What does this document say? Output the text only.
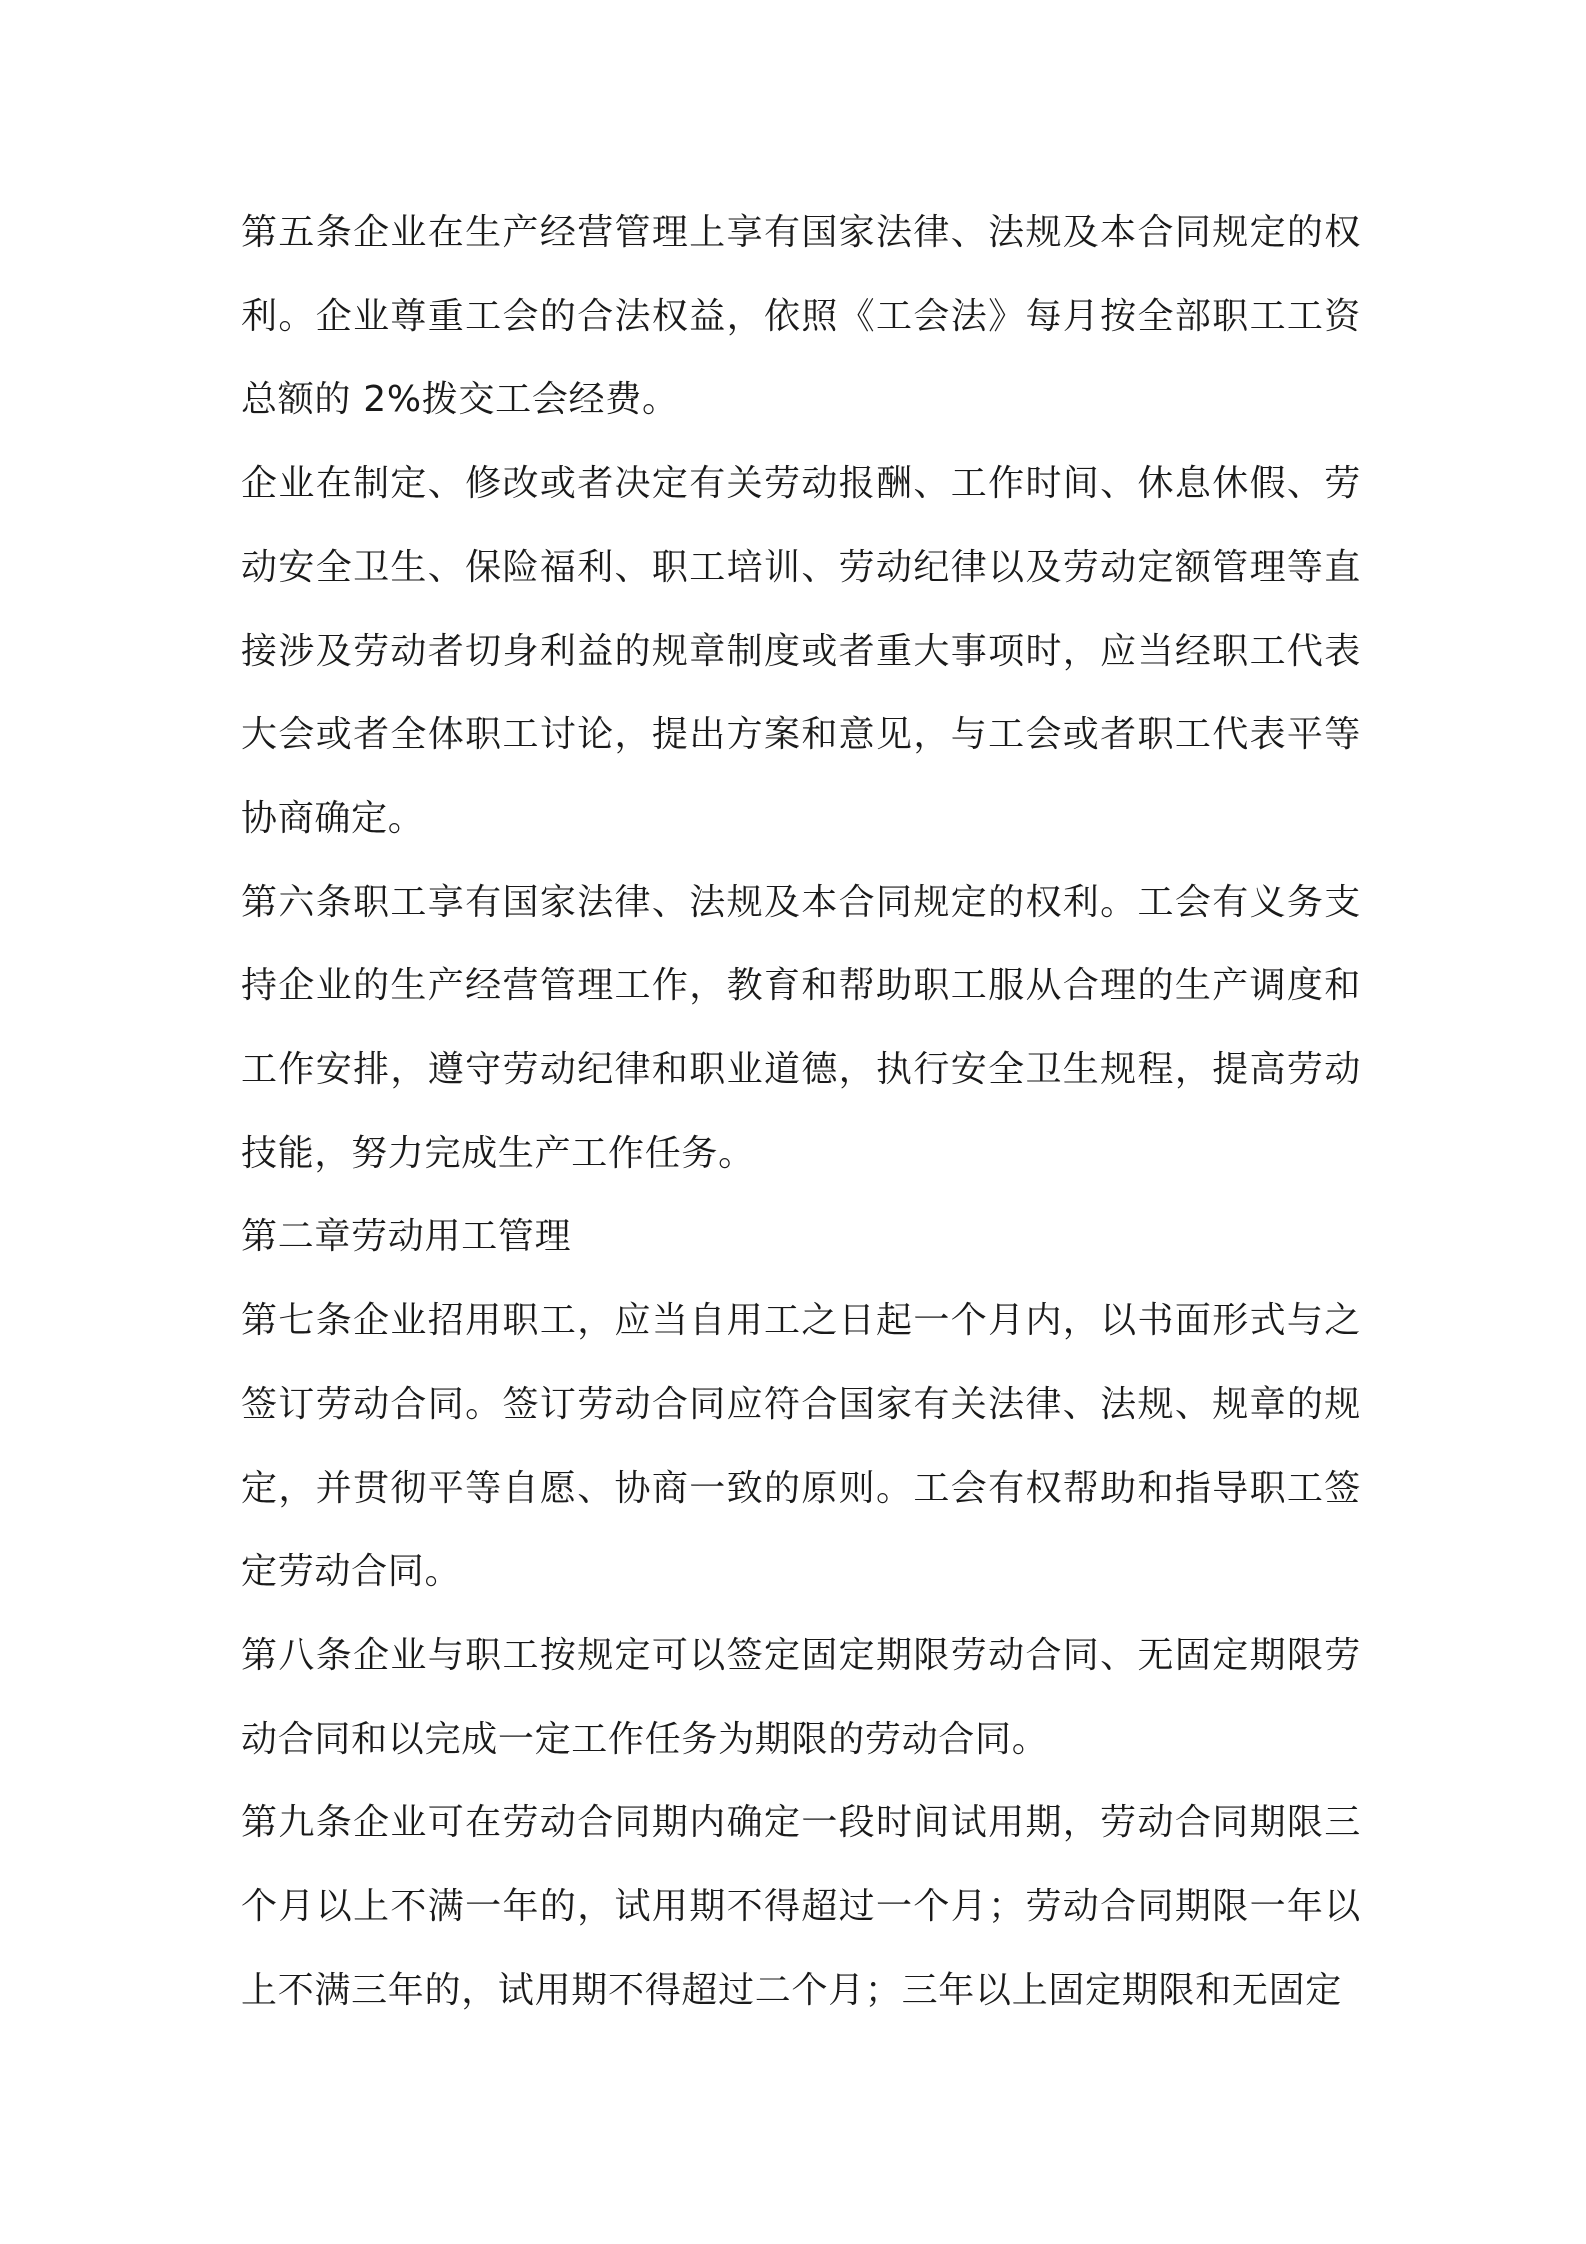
第五条企业在生产经营管理上享有国家法律、法规及本合同规定的权利。企业尊重工会的合法权益，依照《工会法》每月按全部职工工资总额的 2%拨交工会经费。

企业在制定、修改或者决定有关劳动报酬、工作时间、休息休假、劳动安全卫生、保险福利、职工培训、劳动纪律以及劳动定额管理等直接涉及劳动者切身利益的规章制度或者重大事项时，应当经职工代表大会或者全体职工讨论，提出方案和意见，与工会或者职工代表平等协商确定。

第六条职工享有国家法律、法规及本合同规定的权利。工会有义务支持企业的生产经营管理工作，教育和帮助职工服从合理的生产调度和工作安排，遵守劳动纪律和职业道德，执行安全卫生规程，提高劳动技能，努力完成生产工作任务。

第二章劳动用工管理

第七条企业招用职工，应当自用工之日起一个月内，以书面形式与之签订劳动合同。签订劳动合同应符合国家有关法律、法规、规章的规定，并贯彻平等自愿、协商一致的原则。工会有权帮助和指导职工签定劳动合同。

第八条企业与职工按规定可以签定固定期限劳动合同、无固定期限劳动合同和以完成一定工作任务为期限的劳动合同。

第九条企业可在劳动合同期内确定一段时间试用期，劳动合同期限三个月以上不满一年的，试用期不得超过一个月；劳动合同期限一年以上不满三年的，试用期不得超过二个月；三年以上固定期限和无固定
